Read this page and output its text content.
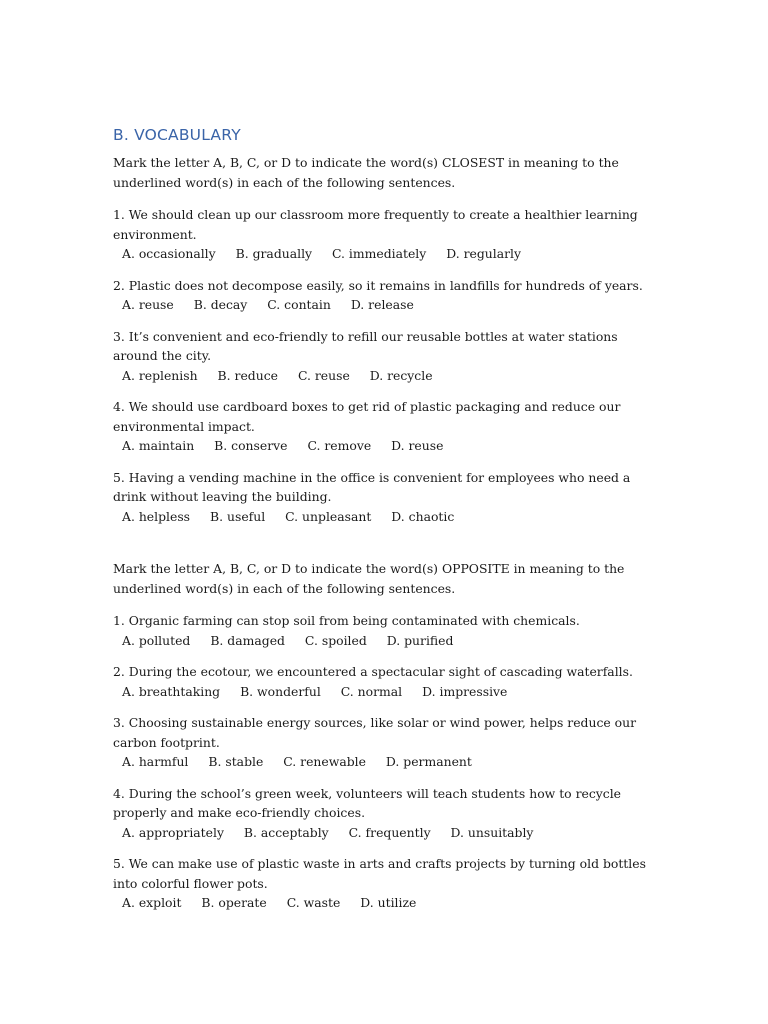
B. VOCABULARY

Mark the letter A, B, C, or D to indicate the word(s) CLOSEST in meaning to the underlined word(s) in each of the following sentences.

1. We should clean up our classroom more frequently to create a healthier learning environment.
A. occasionally B. gradually C. immediately D. regularly
2. Plastic does not decompose easily, so it remains in landfills for hundreds of years.
A. reuse B. decay C. contain D. release
3. It’s convenient and eco-friendly to refill our reusable bottles at water stations around the city.
A. replenish B. reduce C. reuse D. recycle
4. We should use cardboard boxes to get rid of plastic packaging and reduce our environmental impact.
A. maintain B. conserve C. remove D. reuse
5. Having a vending machine in the office is convenient for employees who need a drink without leaving the building.
A. helpless B. useful C. unpleasant D. chaotic

Mark the letter A, B, C, or D to indicate the word(s) OPPOSITE in meaning to the underlined word(s) in each of the following sentences.

1. Organic farming can stop soil from being contaminated with chemicals.
A. polluted B. damaged C. spoiled D. purified
2. During the ecotour, we encountered a spectacular sight of cascading waterfalls.
A. breathtaking B. wonderful C. normal D. impressive
3. Choosing sustainable energy sources, like solar or wind power, helps reduce our carbon footprint.
A. harmful B. stable C. renewable D. permanent
4. During the school’s green week, volunteers will teach students how to recycle properly and make eco-friendly choices.
A. appropriately B. acceptably C. frequently D. unsuitably
5. We can make use of plastic waste in arts and crafts projects by turning old bottles into colorful flower pots.
A. exploit B. operate C. waste D. utilize
